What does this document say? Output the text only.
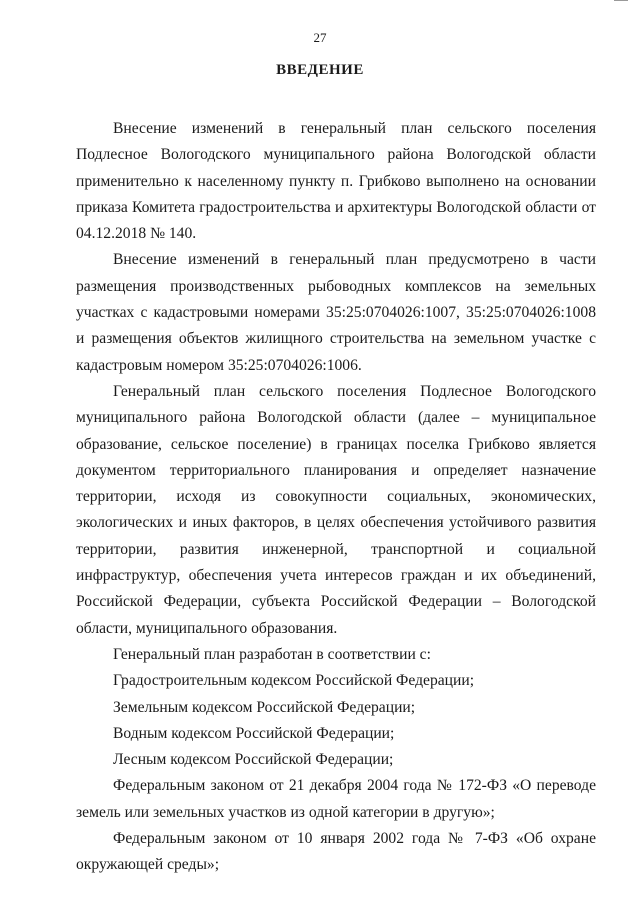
27
ВВЕДЕНИЕ

Внесение изменений в генеральный план сельского поселения Подлесное Вологодского муниципального района Вологодской области применительно к населенному пункту п. Грибково выполнено на основании приказа Комитета градостроительства и архитектуры Вологодской области от 04.12.2018 № 140.

Внесение изменений в генеральный план предусмотрено в части размещения производственных рыбоводных комплексов на земельных участках с кадастровыми номерами 35:25:0704026:1007, 35:25:0704026:1008 и размещения объектов жилищного строительства на земельном участке с кадастровым номером 35:25:0704026:1006.

Генеральный план сельского поселения Подлесное Вологодского муниципального района Вологодской области (далее – муниципальное образование, сельское поселение) в границах поселка Грибково является документом территориального планирования и определяет назначение территории, исходя из совокупности социальных, экономических, экологических и иных факторов, в целях обеспечения устойчивого развития территории, развития инженерной, транспортной и социальной инфраструктур, обеспечения учета интересов граждан и их объединений, Российской Федерации, субъекта Российской Федерации – Вологодской области, муниципального образования.

Генеральный план разработан в соответствии с:

Градостроительным кодексом Российской Федерации;

Земельным кодексом Российской Федерации;

Водным кодексом Российской Федерации;

Лесным кодексом Российской Федерации;

Федеральным законом от 21 декабря 2004 года № 172-ФЗ «О переводе земель или земельных участков из одной категории в другую»;

Федеральным законом от 10 января 2002 года № 7-ФЗ «Об охране окружающей среды»;
